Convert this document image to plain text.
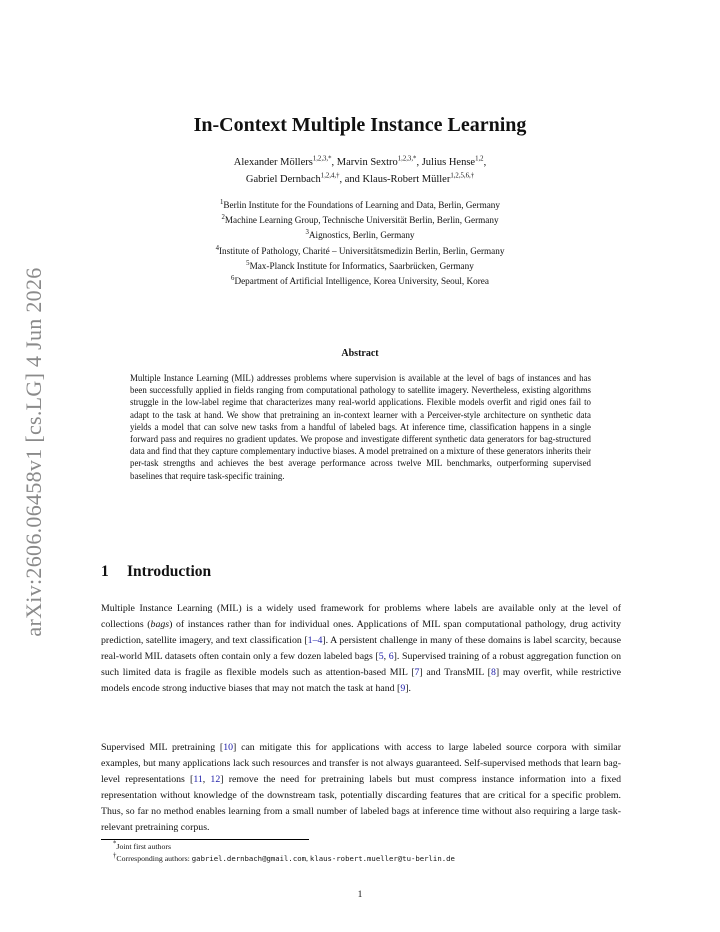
arXiv:2606.06458v1 [cs.LG] 4 Jun 2026
In-Context Multiple Instance Learning
Alexander Möllers$^{1,2,3,*}$, Marvin Sextro$^{1,2,3,*}$, Julius Hense$^{1,2}$,
Gabriel Dernbach$^{1,2,4,\dagger}$, and Klaus-Robert Müller$^{1,2,5,6,\dagger}$
$^1$Berlin Institute for the Foundations of Learning and Data, Berlin, Germany
$^2$Machine Learning Group, Technische Universität Berlin, Berlin, Germany
$^3$Aignostics, Berlin, Germany
$^4$Institute of Pathology, Charité – Universitätsmedizin Berlin, Berlin, Germany
$^5$Max-Planck Institute for Informatics, Saarbrücken, Germany
$^6$Department of Artificial Intelligence, Korea University, Seoul, Korea
Abstract
Multiple Instance Learning (MIL) addresses problems where supervision is available at the level of bags of instances and has been successfully applied in fields ranging from computational pathology to satellite imagery. Nevertheless, existing algorithms struggle in the low-label regime that characterizes many real-world applications. Flexible models overfit and rigid ones fail to adapt to the task at hand. We show that pretraining an in-context learner with a Perceiver-style architecture on synthetic data yields a model that can solve new tasks from a handful of labeled bags. At inference time, classification happens in a single forward pass and requires no gradient updates. We propose and investigate different synthetic data generators for bag-structured data and find that they capture complementary inductive biases. A model pretrained on a mixture of these generators inherits their per-task strengths and achieves the best average performance across twelve MIL benchmarks, outperforming supervised baselines that require task-specific training.
1 Introduction

Multiple Instance Learning (MIL) is a widely used framework for problems where labels are available only at the level of collections (bags) of instances rather than for individual ones. Applications of MIL span computational pathology, drug activity prediction, satellite imagery, and text classification [1–4]. A persistent challenge in many of these domains is label scarcity, because real-world MIL datasets often contain only a few dozen labeled bags [5, 6]. Supervised training of a robust aggregation function on such limited data is fragile as flexible models such as attention-based MIL [7] and TransMIL [8] may overfit, while restrictive models encode strong inductive biases that may not match the task at hand [9].

Supervised MIL pretraining [10] can mitigate this for applications with access to large labeled source corpora with similar examples, but many applications lack such resources and transfer is not always guaranteed. Self-supervised methods that learn bag-level representations [11, 12] remove the need for pretraining labels but must compress instance information into a fixed representation without knowledge of the downstream task, potentially discarding features that are critical for a specific problem. Thus, so far no method enables learning from a small number of labeled bags at inference time without also requiring a large task-relevant pretraining corpus.

*Joint first authors
†Corresponding authors: gabriel.dernbach@gmail.com, klaus-robert.mueller@tu-berlin.de
1
